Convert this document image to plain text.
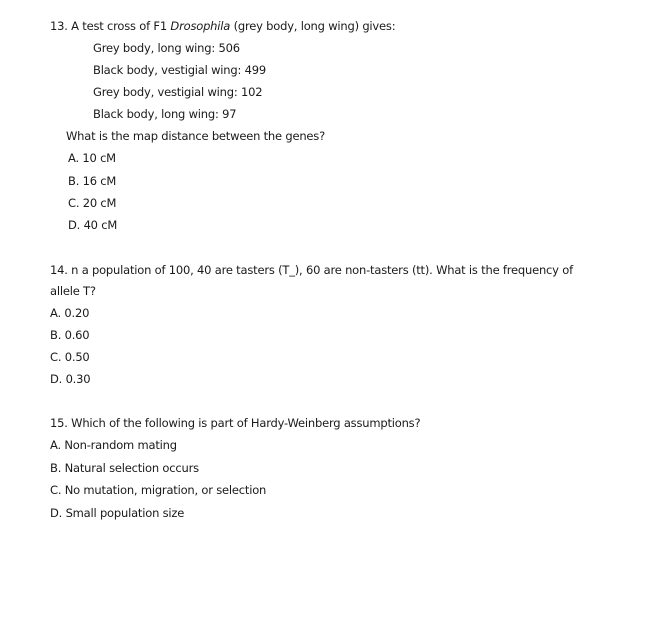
13. A test cross of F1 Drosophila (grey body, long wing) gives:
Grey body, long wing: 506
Black body, vestigial wing: 499
Grey body, vestigial wing: 102
Black body, long wing: 97
What is the map distance between the genes?
A. 10 cM
B. 16 cM
C. 20 cM
D. 40 cM
14. n a population of 100, 40 are tasters (T_), 60 are non-tasters (tt). What is the frequency of
allele T?
A. 0.20
B. 0.60
C. 0.50
D. 0.30
15. Which of the following is part of Hardy-Weinberg assumptions?
A. Non-random mating
B. Natural selection occurs
C. No mutation, migration, or selection
D. Small population size
